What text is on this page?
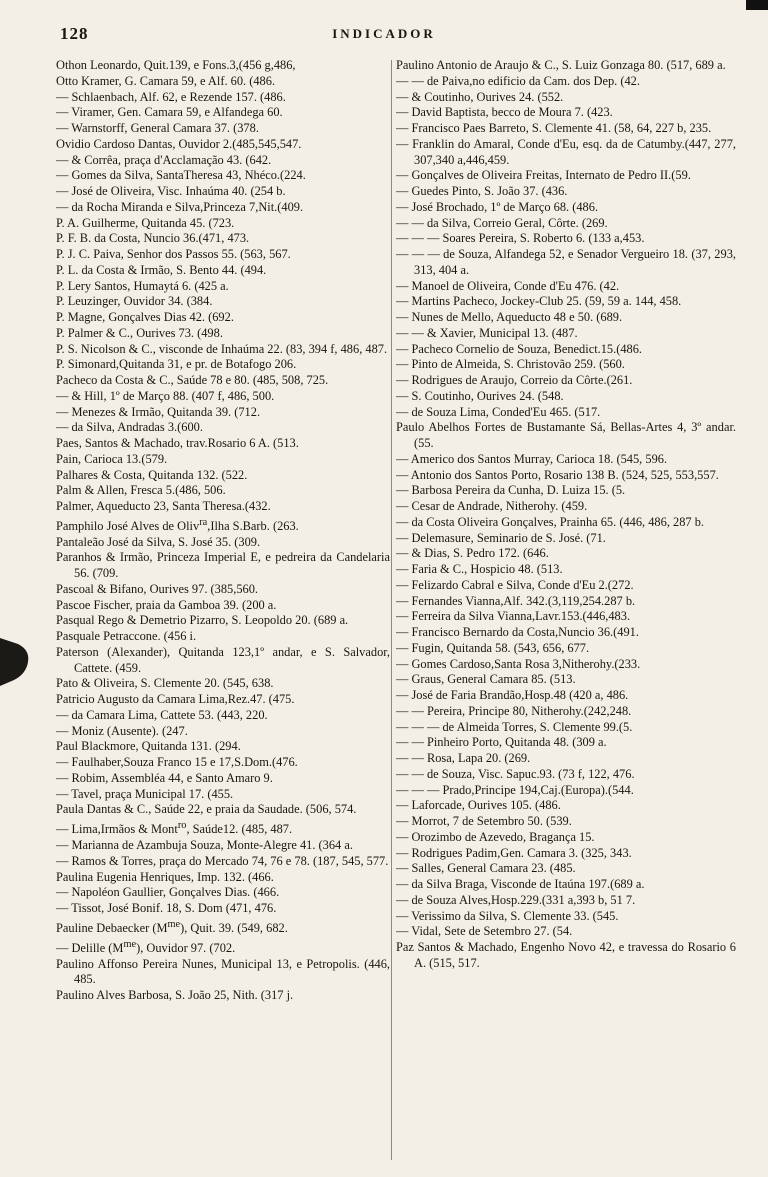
128	INDICADOR
Othon Leonardo, Quit.139, e Fons.3,(456 g,486,
Otto Kramer, G. Camara 59, e Alf. 60. (486.
— Schlaenbach, Alf. 62, e Rezende 157. (486.
— Viramer, Gen. Camara 59, e Alfandega 60.
— Warnstorff, General Camara 37. (378.
Ovidio Cardoso Dantas, Ouvidor 2.(485,545,547.
— & Corrêa, praça d'Acclamação 43. (642.
— Gomes da Silva, SantaTheresa 43, Nhéco.(224.
— José de Oliveira, Visc. Inhaúma 40. (254 b.
— da Rocha Miranda e Silva,Princeza 7,Nit.(409.
P. A. Guilherme, Quitanda 45. (723.
P. F. B. da Costa, Nuncio 36.(471, 473.
P. J. C. Paiva, Senhor dos Passos 55. (563, 567.
P. L. da Costa & Irmão, S. Bento 44. (494.
P. Lery Santos, Humaytá 6. (425 a.
P. Leuzinger, Ouvidor 34. (384.
P. Magne, Gonçalves Dias 42. (692.
P. Palmer & C., Ourives 73. (498.
P. S. Nicolson & C., visconde de Inhaúma 22. (83, 394 f, 486, 487.
P. Simonard,Quitanda 31, e pr. de Botafogo 206.
Pacheco da Costa & C., Saúde 78 e 80. (485, 508, 725.
— & Hill, 1º de Março 88. (407 f, 486, 500.
— Menezes & Irmão, Quitanda 39. (712.
— da Silva, Andradas 3.(600.
Paes, Santos & Machado, trav.Rosario 6 A. (513.
Pain, Carioca 13.(579.
Palhares & Costa, Quitanda 132. (522.
Palm & Allen, Fresca 5.(486, 506.
Palmer, Aqueducto 23, Santa Theresa.(432.
Pamphilo José Alves de Oliv$^{ra}$,Ilha S.Barb. (263.
Pantaleão José da Silva, S. José 35. (309.
Paranhos & Irmão, Princeza Imperial E, e pedreira da Candelaria 56. (709.
Pascoal & Bifano, Ourives 97. (385,560.
Pascoe Fischer, praia da Gamboa 39. (200 a.
Pasqual Rego & Demetrio Pizarro, S. Leopoldo 20. (689 a.
Pasquale Petraccone. (456 i.
Paterson (Alexander), Quitanda 123,1º andar, e S. Salvador, Cattete. (459.
Pato & Oliveira, S. Clemente 20. (545, 638.
Patricio Augusto da Camara Lima,Rez.47. (475.
— da Camara Lima, Cattete 53. (443, 220.
— Moniz (Ausente). (247.
Paul Blackmore, Quitanda 131. (294.
— Faulhaber,Souza Franco 15 e 17,S.Dom.(476.
— Robim, Assembléa 44, e Santo Amaro 9.
— Tavel, praça Municipal 17. (455.
Paula Dantas & C., Saúde 22, e praia da Saudade. (506, 574.
— Lima,Irmãos & Mont$^{ro}$, Saúde12. (485, 487.
— Marianna de Azambuja Souza, Monte-Alegre 41. (364 a.
— Ramos & Torres, praça do Mercado 74, 76 e 78. (187, 545, 577.
Paulina Eugenia Henriques, Imp. 132. (466.
— Napoléon Gaullier, Gonçalves Dias. (466.
— Tissot, José Bonif. 18, S. Dom (471, 476.
Pauline Debaecker $(M^{me})$, Quit. 39. (549, 682.
— Delille $(M^{me})$, Ouvidor 97. (702.
Paulino Affonso Pereira Nunes, Municipal 13, e Petropolis. (446, 485.
Paulino Alves Barbosa, S. João 25, Nith. (317 j.
Paulino Antonio de Araujo & C., S. Luiz Gonzaga 80. (517, 689 a.
— — de Paiva,no edificio da Cam. dos Dep. (42.
— & Coutinho, Ourives 24. (552.
— David Baptista, becco de Moura 7. (423.
— Francisco Paes Barreto, S. Clemente 41. (58, 64, 227 b, 235.
— Franklin do Amaral, Conde d'Eu, esq. da de Catumby.(447, 277, 307,340 a,446,459.
— Gonçalves de Oliveira Freitas, Internato de Pedro II.(59.
— Guedes Pinto, S. João 37. (436.
— José Brochado, 1º de Março 68. (486.
— — da Silva, Correio Geral, Côrte. (269.
— — — Soares Pereira, S. Roberto 6. (133 a,453.
— — — de Souza, Alfandega 52, e Senador Vergueiro 18. (37, 293, 313, 404 a.
— Manoel de Oliveira, Conde d'Eu 476. (42.
— Martins Pacheco, Jockey-Club 25. (59, 59 a. 144, 458.
— Nunes de Mello, Aqueducto 48 e 50. (689.
— — & Xavier, Municipal 13. (487.
— Pacheco Cornelio de Souza, Benedict.15.(486.
— Pinto de Almeida, S. Christovão 259. (560.
— Rodrigues de Araujo, Correio da Côrte.(261.
— S. Coutinho, Ourives 24. (548.
— de Souza Lima, Conded'Eu 465. (517.
Paulo Abelhos Fortes de Bustamante Sá, Bellas-Artes 4, 3º andar. (55.
— Americo dos Santos Murray, Carioca 18. (545, 596.
— Antonio dos Santos Porto, Rosario 138 B. (524, 525, 553,557.
— Barbosa Pereira da Cunha, D. Luiza 15. (5.
— Cesar de Andrade, Nitherohy. (459.
— da Costa Oliveira Gonçalves, Prainha 65. (446, 486, 287 b.
— Delemasure, Seminario de S. José. (71.
— & Dias, S. Pedro 172. (646.
— Faria & C., Hospicio 48. (513.
— Felizardo Cabral e Silva, Conde d'Eu 2.(272.
— Fernandes Vianna,Alf. 342.(3,119,254.287 b.
— Ferreira da Silva Vianna,Lavr.153.(446,483.
— Francisco Bernardo da Costa,Nuncio 36.(491.
— Fugin, Quitanda 58. (543, 656, 677.
— Gomes Cardoso,Santa Rosa 3,Nitherohy.(233.
— Graus, General Camara 85. (513.
— José de Faria Brandão,Hosp.48 (420 a, 486.
— — Pereira, Principe 80, Nitherohy.(242,248.
— — — de Almeida Torres, S. Clemente 99.(5.
— — Pinheiro Porto, Quitanda 48. (309 a.
— — Rosa, Lapa 20. (269.
— — de Souza, Visc. Sapuc.93. (73 f, 122, 476.
— — — Prado,Principe 194,Caj.(Europa).(544.
— Laforcade, Ourives 105. (486.
— Morrot, 7 de Setembro 50. (539.
— Orozimbo de Azevedo, Bragança 15.
— Rodrigues Padim,Gen. Camara 3. (325, 343.
— Salles, General Camara 23. (485.
— da Silva Braga, Visconde de Itaúna 197.(689 a.
— de Souza Alves,Hosp.229.(331 a,393 b, 51 7.
— Verissimo da Silva, S. Clemente 33. (545.
— Vidal, Sete de Setembro 27. (54.
Paz Santos & Machado, Engenho Novo 42, e travessa do Rosario 6 A. (515, 517.
